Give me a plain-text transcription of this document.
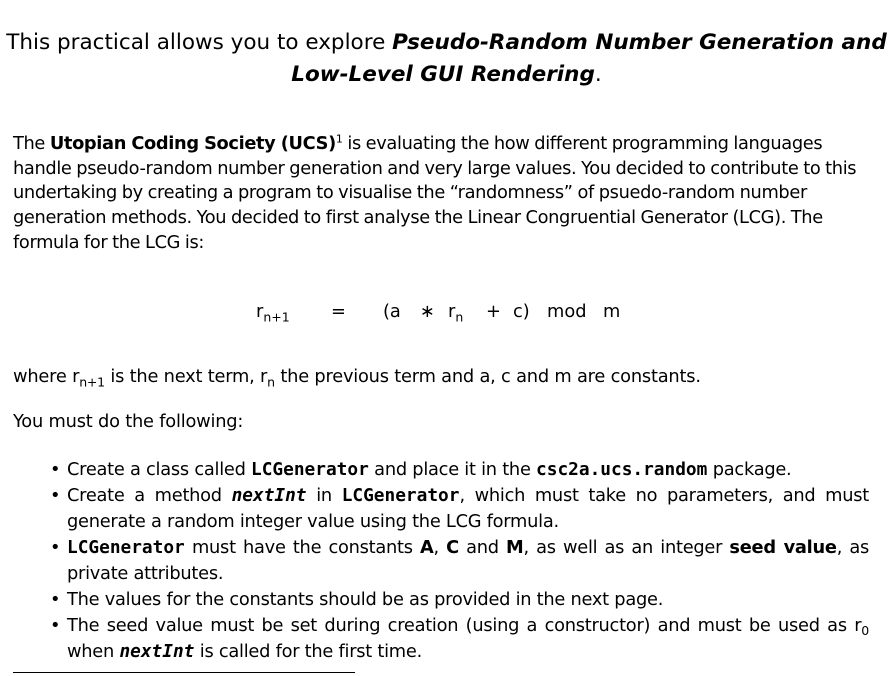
This practical allows you to explore Pseudo-Random Number Generation and
Low-Level GUI Rendering.
The Utopian Coding Society (UCS)$^1$ is evaluating the how different programming languages handle pseudo-random number generation and very large values. You decided to contribute to this undertaking by creating a program to visualise the “randomness” of psuedo-random number generation methods. You decided to first analyse the Linear Congruential Generator (LCG). The formula for the LCG is:
$r_{n+1} = (a$ ∗ $r_n + c$) mod m
where $r_{n+1}$ is the next term, $r_n$ the previous term and a, c and m are constants.
You must do the following:
• Create a class called LCGenerator and place it in the csc2a.ucs.random package.
• Create a method nextInt in LCGenerator, which must take no parameters, and must generate a random integer value using the LCG formula.
• LCGenerator must have the constants A, C and M, as well as an integer seed value, as private attributes.
• The values for the constants should be as provided in the next page.
• The seed value must be set during creation (using a constructor) and must be used as $r_0$ when nextInt is called for the first time.
